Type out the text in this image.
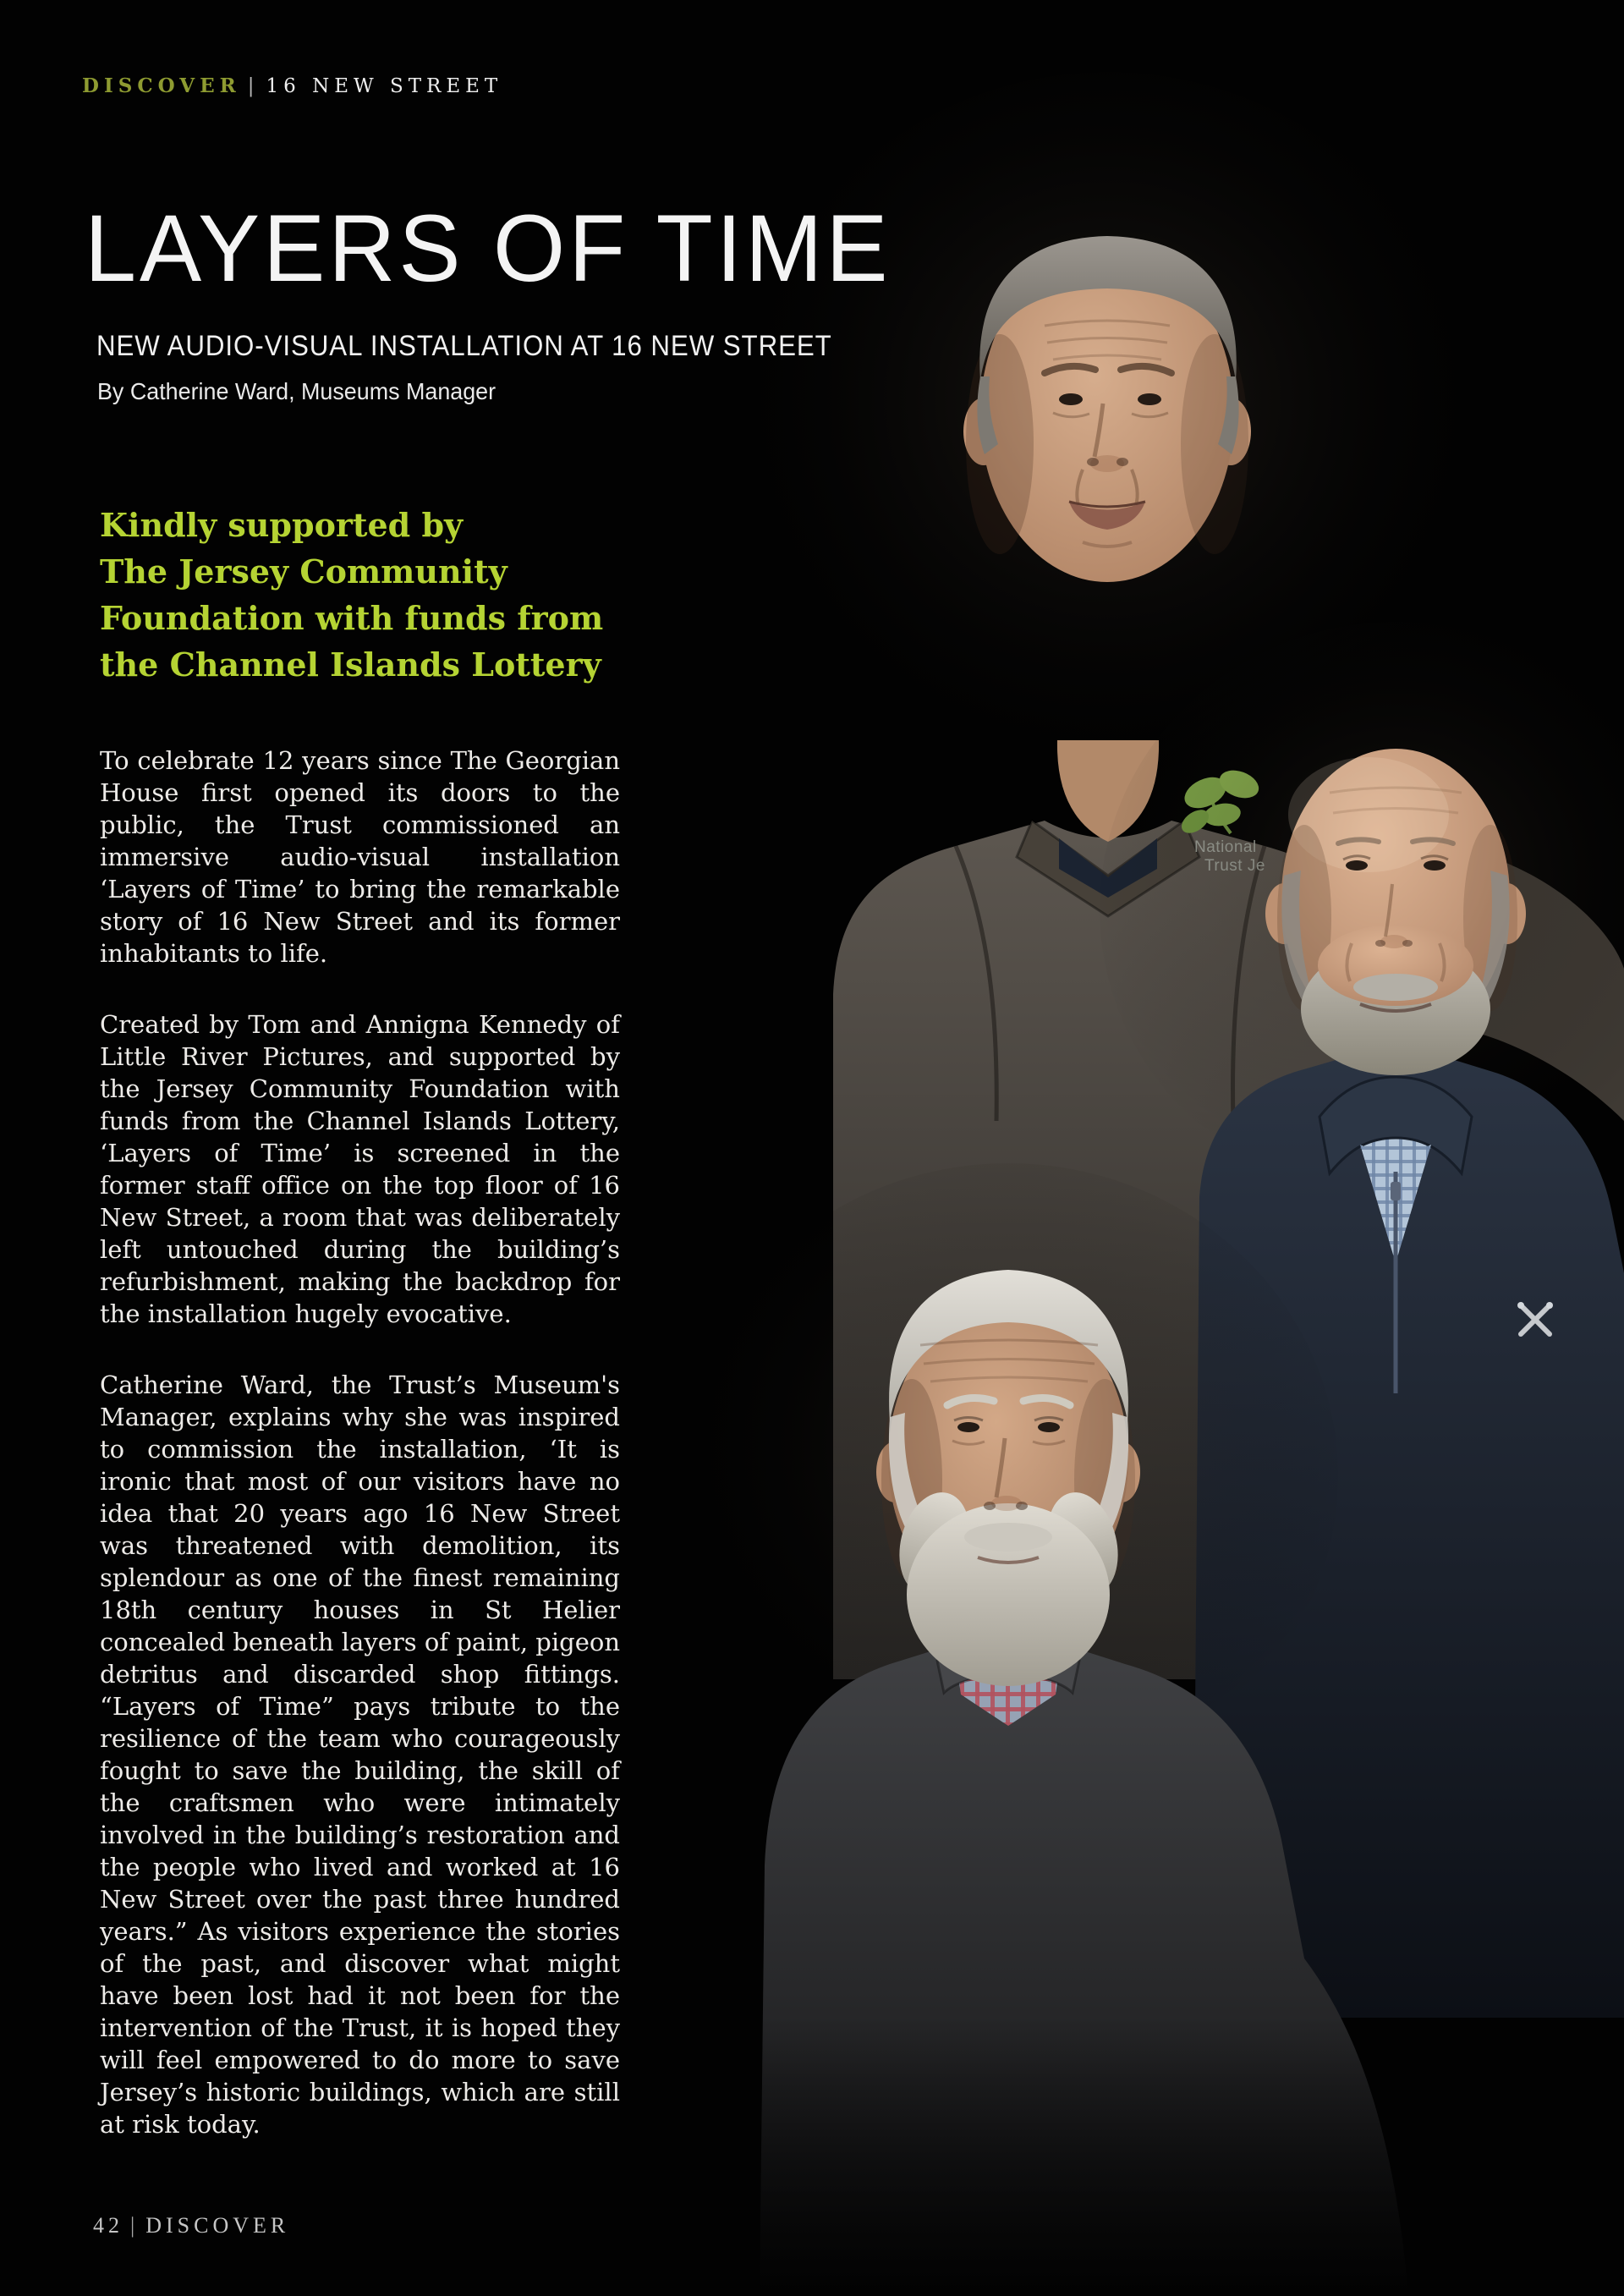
DISCOVER | 16 NEW STREET
LAYERS OF TIME
NEW AUDIO-VISUAL INSTALLATION AT 16 NEW STREET
By Catherine Ward, Museums Manager
Kindly supported by
The Jersey Community
Foundation with funds from
the Channel Islands Lottery

To celebrate 12 years since The Georgian House first opened its doors to the public, the Trust commissioned an immersive audio-visual installation ‘Layers of Time’ to bring the remarkable story of 16 New Street and its former inhabitants to life.

Created by Tom and Annigna Kennedy of Little River Pictures, and supported by the Jersey Community Foundation with funds from the Channel Islands Lottery, ‘Layers of Time’ is screened in the former staff office on the top floor of 16 New Street, a room that was deliberately left untouched during the building’s refurbishment, making the backdrop for the installation hugely evocative.

Catherine Ward, the Trust’s Museum's Manager, explains why she was inspired to commission the installation, ‘It is ironic that most of our visitors have no idea that 20 years ago 16 New Street was threatened with demolition, its splendour as one of the finest remaining 18th century houses in St Helier concealed beneath layers of paint, pigeon detritus and discarded shop fittings. “Layers of Time” pays tribute to the resilience of the team who courageously fought to save the building, the skill of the craftsmen who were intimately involved in the building’s restoration and the people who lived and worked at 16 New Street over the past three hundred years.” As visitors experience the stories of the past, and discover what might have been lost had it not been for the intervention of the Trust, it is hoped they will feel empowered to do more to save Jersey’s historic buildings, which are still at risk today.

42 | DISCOVER
